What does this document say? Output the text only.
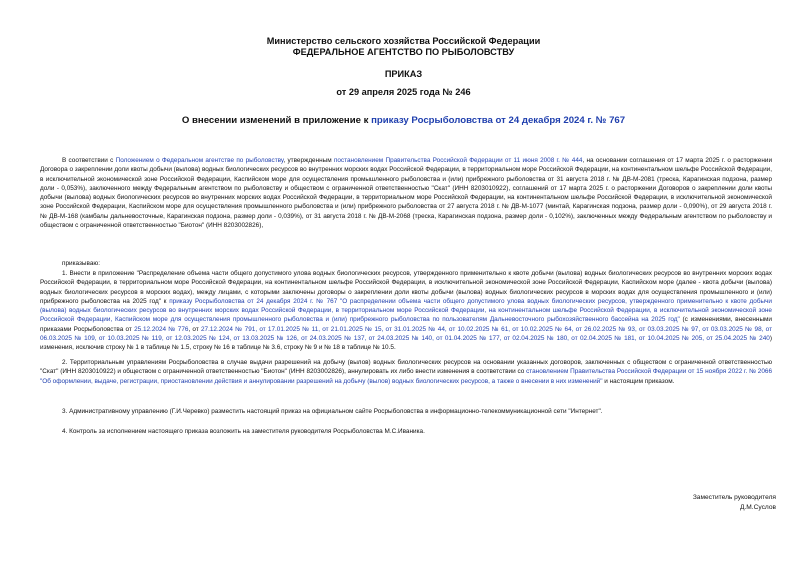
Министерство сельского хозяйства Российской Федерации
ФЕДЕРАЛЬНОЕ АГЕНТСТВО ПО РЫБОЛОВСТВУ
ПРИКАЗ
от 29 апреля 2025 года № 246
О внесении изменений в приложение к приказу Росрыболовства от 24 декабря 2024 г. № 767
В соответствии с Положением о Федеральном агентстве по рыболовству, утвержденным постановлением Правительства Российской Федерации от 11 июня 2008 г. № 444, на основании соглашения от 17 марта 2025 г. о расторжении Договора о закреплении доли квоты добычи (вылова) водных биологических ресурсов во внутренних морских водах Российской Федерации, в территориальном море Российской Федерации, на континентальном шельфе Российской Федерации, в исключительной экономической зоне Российской Федерации, Каспийском море для осуществления промышленного рыболовства и (или) прибрежного рыболовства от 31 августа 2018 г. № ДВ-М-2081 (треска, Карагинская подзона, размер доли - 0,053%), заключенного между Федеральным агентством по рыболовству и обществом с ограниченной ответственностью "Скат" (ИНН 8203010922), соглашений от 17 марта 2025 г. о расторжении Договоров о закреплении доли квоты добычи (вылова) водных биологических ресурсов во внутренних морских водах Российской Федерации, в территориальном море Российской Федерации, на континентальном шельфе Российской Федерации, в исключительной экономической зоне Российской Федерации, Каспийском море для осуществления промышленного рыболовства и (или) прибрежного рыболовства от 27 августа 2018 г. № ДВ-М-1077 (минтай, Карагинская подзона, размер доли - 0,090%), от 29 августа 2018 г. № ДВ-М-168 (камбалы дальневосточные, Карагинская подзона, размер доли - 0,039%), от 31 августа 2018 г. № ДВ-М-2068 (треска, Карагинская подзона, размер доли - 0,102%), заключенных между Федеральным агентством по рыболовству и обществом с ограниченной ответственностью "Биотон" (ИНН 8203002826),
приказываю:
1. Внести в приложение "Распределение объема части общего допустимого улова водных биологических ресурсов, утвержденного применительно к квоте добычи (вылова) водных биологических ресурсов во внутренних морских водах Российской Федерации, в территориальном море Российской Федерации, на континентальном шельфе Российской Федерации, в исключительной экономической зоне Российской Федерации, Каспийском море (далее - квота добычи (вылова) водных биологических ресурсов в морских водах), между лицами, с которыми заключены договоры о закреплении доли квоты добычи (вылова) водных биологических ресурсов в морских водах для осуществления промышленного и (или) прибрежного рыболовства на 2025 год" к приказу Росрыболовства от 24 декабря 2024 г. № 767 "О распределении объема части общего допустимого улова водных биологических ресурсов, утвержденного применительно к квоте добычи (вылова) водных биологических ресурсов во внутренних морских водах Российской Федерации, в территориальном море Российской Федерации, на континентальном шельфе Российской Федерации, в исключительной экономической зоне Российской Федерации, Каспийском море для осуществления промышленного рыболовства и (или) прибрежного рыболовства по пользователям Дальневосточного рыбохозяйственного бассейна на 2025 год" (с изменениями, внесенными приказами Росрыболовства от 25.12.2024 № 776, от 27.12.2024 № 791, от 17.01.2025 № 11, от 21.01.2025 № 15, от 31.01.2025 № 44, от 10.02.2025 № 61, от 10.02.2025 № 64, от 26.02.2025 № 93, от 03.03.2025 № 97, от 03.03.2025 № 98, от 06.03.2025 № 109, от 10.03.2025 № 119, от 12.03.2025 № 124, от 13.03.2025 № 126, от 24.03.2025 № 137, от 24.03.2025 № 140, от 01.04.2025 № 177, от 02.04.2025 № 180, от 02.04.2025 № 181, от 10.04.2025 № 205, от 25.04.2025 № 240) изменения, исключив строку № 1 в таблице № 1.5, строку № 16 в таблице № 3.6, строку № 9 и № 18 в таблице № 10.5.
2. Территориальным управлениям Росрыболовства в случае выдачи разрешений на добычу (вылов) водных биологических ресурсов на основании указанных договоров, заключенных с обществом с ограниченной ответственностью "Скат" (ИНН 8203010922) и обществом с ограниченной ответственностью "Биотон" (ИНН 8203002826), аннулировать их либо внести изменения в соответствии со становлением Правительства Российской Федерации от 15 ноября 2022 г. № 2066 "Об оформлении, выдаче, регистрации, приостановлении действия и аннулировании разрешений на добычу (вылов) водных биологических ресурсов, а также о внесении в них изменений" и настоящим приказом.
3. Административному управлению (Г.И.Черевко) разместить настоящий приказ на официальном сайте Росрыболовства в информационно-телекоммуникационной сети "Интернет".
4. Контроль за исполнением настоящего приказа возложить на заместителя руководителя Росрыболовства М.С.Иваника.
Заместитель руководителя
Д.М.Суслов
